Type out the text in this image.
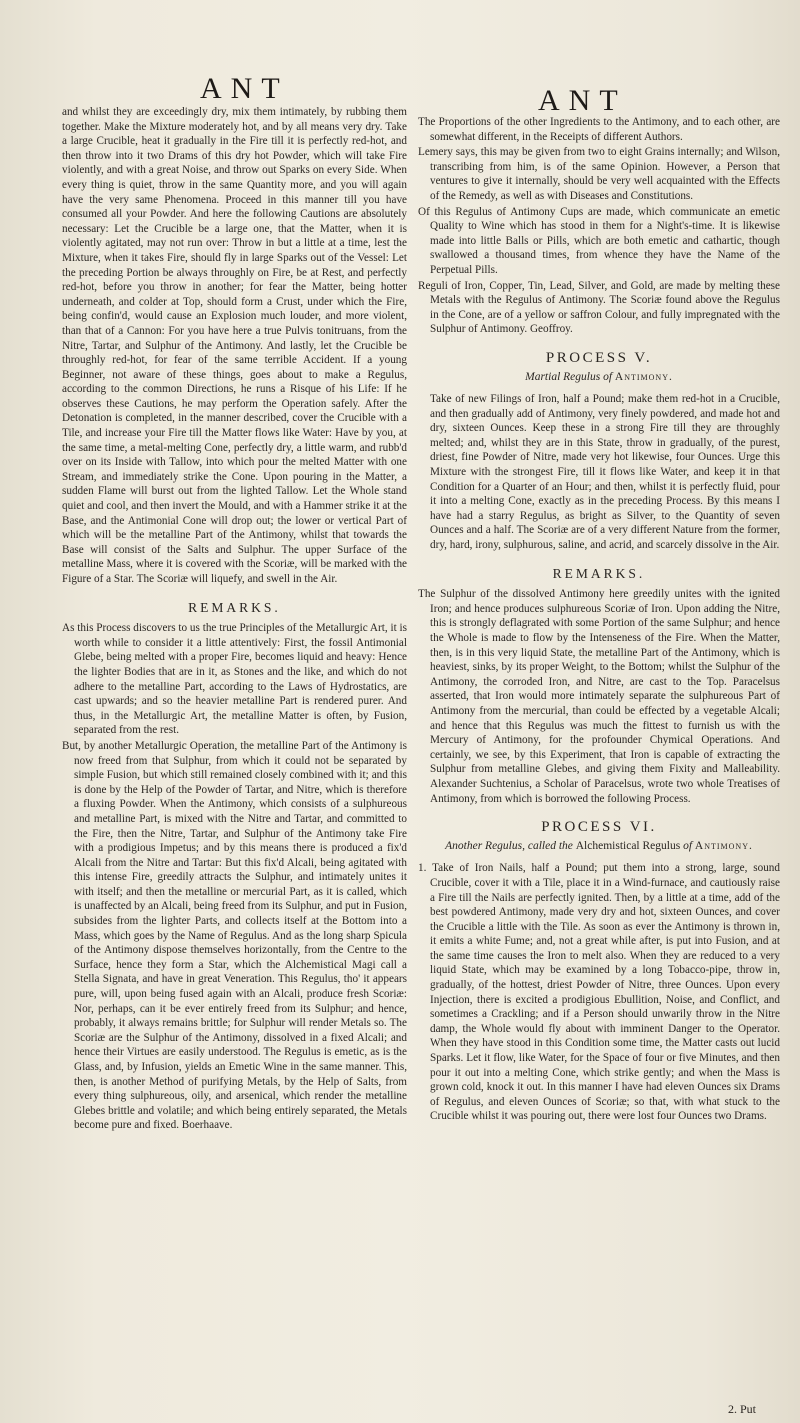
ANT	ANT

and whilst they are exceedingly dry, mix them intimately, by rubbing them together. Make the Mixture moderately hot, and by all means very dry. Take a large Crucible, heat it gradually in the Fire till it is perfectly red-hot, and then throw into it two Drams of this dry hot Powder, which will take Fire violently, and with a great Noise, and throw out Sparks on every Side. When every thing is quiet, throw in the same Quantity more, and you will again have the very same Phenomena. Proceed in this manner till you have consumed all your Powder. And here the following Cautions are absolutely necessary: Let the Crucible be a large one, that the Matter, when it is violently agitated, may not run over: Throw in but a little at a time, lest the Mixture, when it takes Fire, should fly in large Sparks out of the Vessel: Let the preceding Portion be always throughly on Fire, be at Rest, and perfectly red-hot, before you throw in another; for fear the Matter, being hotter underneath, and colder at Top, should form a Crust, under which the Fire, being confin'd, would cause an Explosion much louder, and more violent, than that of a Cannon: For you have here a true Pulvis tonitruans, from the Nitre, Tartar, and Sulphur of the Antimony. And lastly, let the Crucible be throughly red-hot, for fear of the same terrible Accident. If a young Beginner, not aware of these things, goes about to make a Regulus, according to the common Directions, he runs a Risque of his Life: If he observes these Cautions, he may perform the Operation safely. After the Detonation is completed, in the manner described, cover the Crucible with a Tile, and increase your Fire till the Matter flows like Water: Have by you, at the same time, a metal-melting Cone, perfectly dry, a little warm, and rubb'd over on its Inside with Tallow, into which pour the melted Matter with one Stream, and immediately strike the Cone. Upon pouring in the Matter, a sudden Flame will burst out from the lighted Tallow. Let the Whole stand quiet and cool, and then invert the Mould, and with a Hammer strike it at the Base, and the Antimonial Cone will drop out; the lower or vertical Part of which will be the metalline Part of the Antimony, whilst that towards the Base will consist of the Salts and Sulphur. The upper Surface of the metalline Mass, where it is covered with the Scoriæ, will be marked with the Figure of a Star. The Scoriæ will liquefy, and swell in the Air.

REMARKS.

As this Process discovers to us the true Principles of the Metallurgic Art, it is worth while to consider it a little attentively: First, the fossil Antimonial Glebe, being melted with a proper Fire, becomes liquid and heavy: Hence the lighter Bodies that are in it, as Stones and the like, and which do not adhere to the metalline Part, according to the Laws of Hydrostatics, are cast upwards; and so the heavier metalline Part is rendered purer. And thus, in the Metallurgic Art, the metalline Matter is often, by Fusion, separated from the rest.

But, by another Metallurgic Operation, the metalline Part of the Antimony is now freed from that Sulphur, from which it could not be separated by simple Fusion, but which still remained closely combined with it; and this is done by the Help of the Powder of Tartar, and Nitre, which is therefore a fluxing Powder. When the Antimony, which consists of a sulphureous and metalline Part, is mixed with the Nitre and Tartar, and committed to the Fire, then the Nitre, Tartar, and Sulphur of the Antimony take Fire with a prodigious Impetus; and by this means there is produced a fix'd Alcali from the Nitre and Tartar: But this fix'd Alcali, being agitated with this intense Fire, greedily attracts the Sulphur, and intimately unites it with itself; and then the metalline or mercurial Part, as it is called, which is unaffected by an Alcali, being freed from its Sulphur, and put in Fusion, subsides from the lighter Parts, and collects itself at the Bottom into a Mass, which goes by the Name of Regulus. And as the long sharp Spicula of the Antimony dispose themselves horizontally, from the Centre to the Surface, hence they form a Star, which the Alchemistical Magi call a Stella Signata, and have in great Veneration. This Regulus, tho' it appears pure, will, upon being fused again with an Alcali, produce fresh Scoriæ: Nor, perhaps, can it be ever entirely freed from its Sulphur; and hence, probably, it always remains brittle; for Sulphur will render Metals so. The Scoriæ are the Sulphur of the Antimony, dissolved in a fixed Alcali; and hence their Virtues are easily understood. The Regulus is emetic, as is the Glass, and, by Infusion, yields an Emetic Wine in the same manner. This, then, is another Method of purifying Metals, by the Help of Salts, from every thing sulphureous, oily, and arsenical, which render the metalline Glebes brittle and volatile; and which being entirely separated, the Metals become pure and fixed. Boerhaave.

The Proportions of the other Ingredients to the Antimony, and to each other, are somewhat different, in the Receipts of different Authors.

Lemery says, this may be given from two to eight Grains internally; and Wilson, transcribing from him, is of the same Opinion. However, a Person that ventures to give it internally, should be very well acquainted with the Effects of the Remedy, as well as with Diseases and Constitutions.

Of this Regulus of Antimony Cups are made, which communicate an emetic Quality to Wine which has stood in them for a Night's-time. It is likewise made into little Balls or Pills, which are both emetic and cathartic, though swallowed a thousand times, from whence they have the Name of the Perpetual Pills.

Reguli of Iron, Copper, Tin, Lead, Silver, and Gold, are made by melting these Metals with the Regulus of Antimony. The Scoriæ found above the Regulus in the Cone, are of a yellow or saffron Colour, and fully impregnated with the Sulphur of Antimony. Geoffroy.

PROCESS V.
Martial Regulus of Antimony.

Take of new Filings of Iron, half a Pound; make them red-hot in a Crucible, and then gradually add of Antimony, very finely powdered, and made hot and dry, sixteen Ounces. Keep these in a strong Fire till they are throughly melted; and, whilst they are in this State, throw in gradually, of the purest, driest, fine Powder of Nitre, made very hot likewise, four Ounces. Urge this Mixture with the strongest Fire, till it flows like Water, and keep it in that Condition for a Quarter of an Hour; and then, whilst it is perfectly fluid, pour it into a melting Cone, exactly as in the preceding Process. By this means I have had a starry Regulus, as bright as Silver, to the Quantity of seven Ounces and a half. The Scoriæ are of a very different Nature from the former, dry, hard, irony, sulphurous, saline, and acrid, and scarcely dissolve in the Air.

REMARKS.

The Sulphur of the dissolved Antimony here greedily unites with the ignited Iron; and hence produces sulphureous Scoriæ of Iron. Upon adding the Nitre, this is strongly deflagrated with some Portion of the same Sulphur; and hence the Whole is made to flow by the Intenseness of the Fire. When the Matter, then, is in this very liquid State, the metalline Part of the Antimony, which is heaviest, sinks, by its proper Weight, to the Bottom; whilst the Sulphur of the Antimony, the corroded Iron, and Nitre, are cast to the Top. Paracelsus asserted, that Iron would more intimately separate the sulphureous Part of Antimony from the mercurial, than could be effected by a vegetable Alcali; and hence that this Regulus was much the fittest to furnish us with the Mercury of Antimony, for the profounder Chymical Operations. And certainly, we see, by this Experiment, that Iron is capable of extracting the Sulphur from metalline Glebes, and giving them Fixity and Malleability. Alexander Suchtenius, a Scholar of Paracelsus, wrote two whole Treatises of Antimony, from which is borrowed the following Process.

PROCESS VI.
Another Regulus, called the Alchemistical Regulus of Antimony.

1. Take of Iron Nails, half a Pound; put them into a strong, large, sound Crucible, cover it with a Tile, place it in a Wind-furnace, and cautiously raise a Fire till the Nails are perfectly ignited. Then, by a little at a time, add of the best powdered Antimony, made very dry and hot, sixteen Ounces, and cover the Crucible a little with the Tile. As soon as ever the Antimony is thrown in, it emits a white Fume; and, not a great while after, is put into Fusion, and at the same time causes the Iron to melt also. When they are reduced to a very liquid State, which may be examined by a long Tobacco-pipe, throw in, gradually, of the hottest, driest Powder of Nitre, three Ounces. Upon every Injection, there is excited a prodigious Ebullition, Noise, and Conflict, and sometimes a Crackling; and if a Person should unwarily throw in the Nitre damp, the Whole would fly about with imminent Danger to the Operator. When they have stood in this Condition some time, the Matter casts out lucid Sparks. Let it flow, like Water, for the Space of four or five Minutes, and then pour it out into a melting Cone, which strike gently; and when the Mass is grown cold, knock it out. In this manner I have had eleven Ounces six Drams of Regulus, and eleven Ounces of Scoriæ; so that, with what stuck to the Crucible whilst it was pouring out, there were lost four Ounces two Drams.

2. Put
